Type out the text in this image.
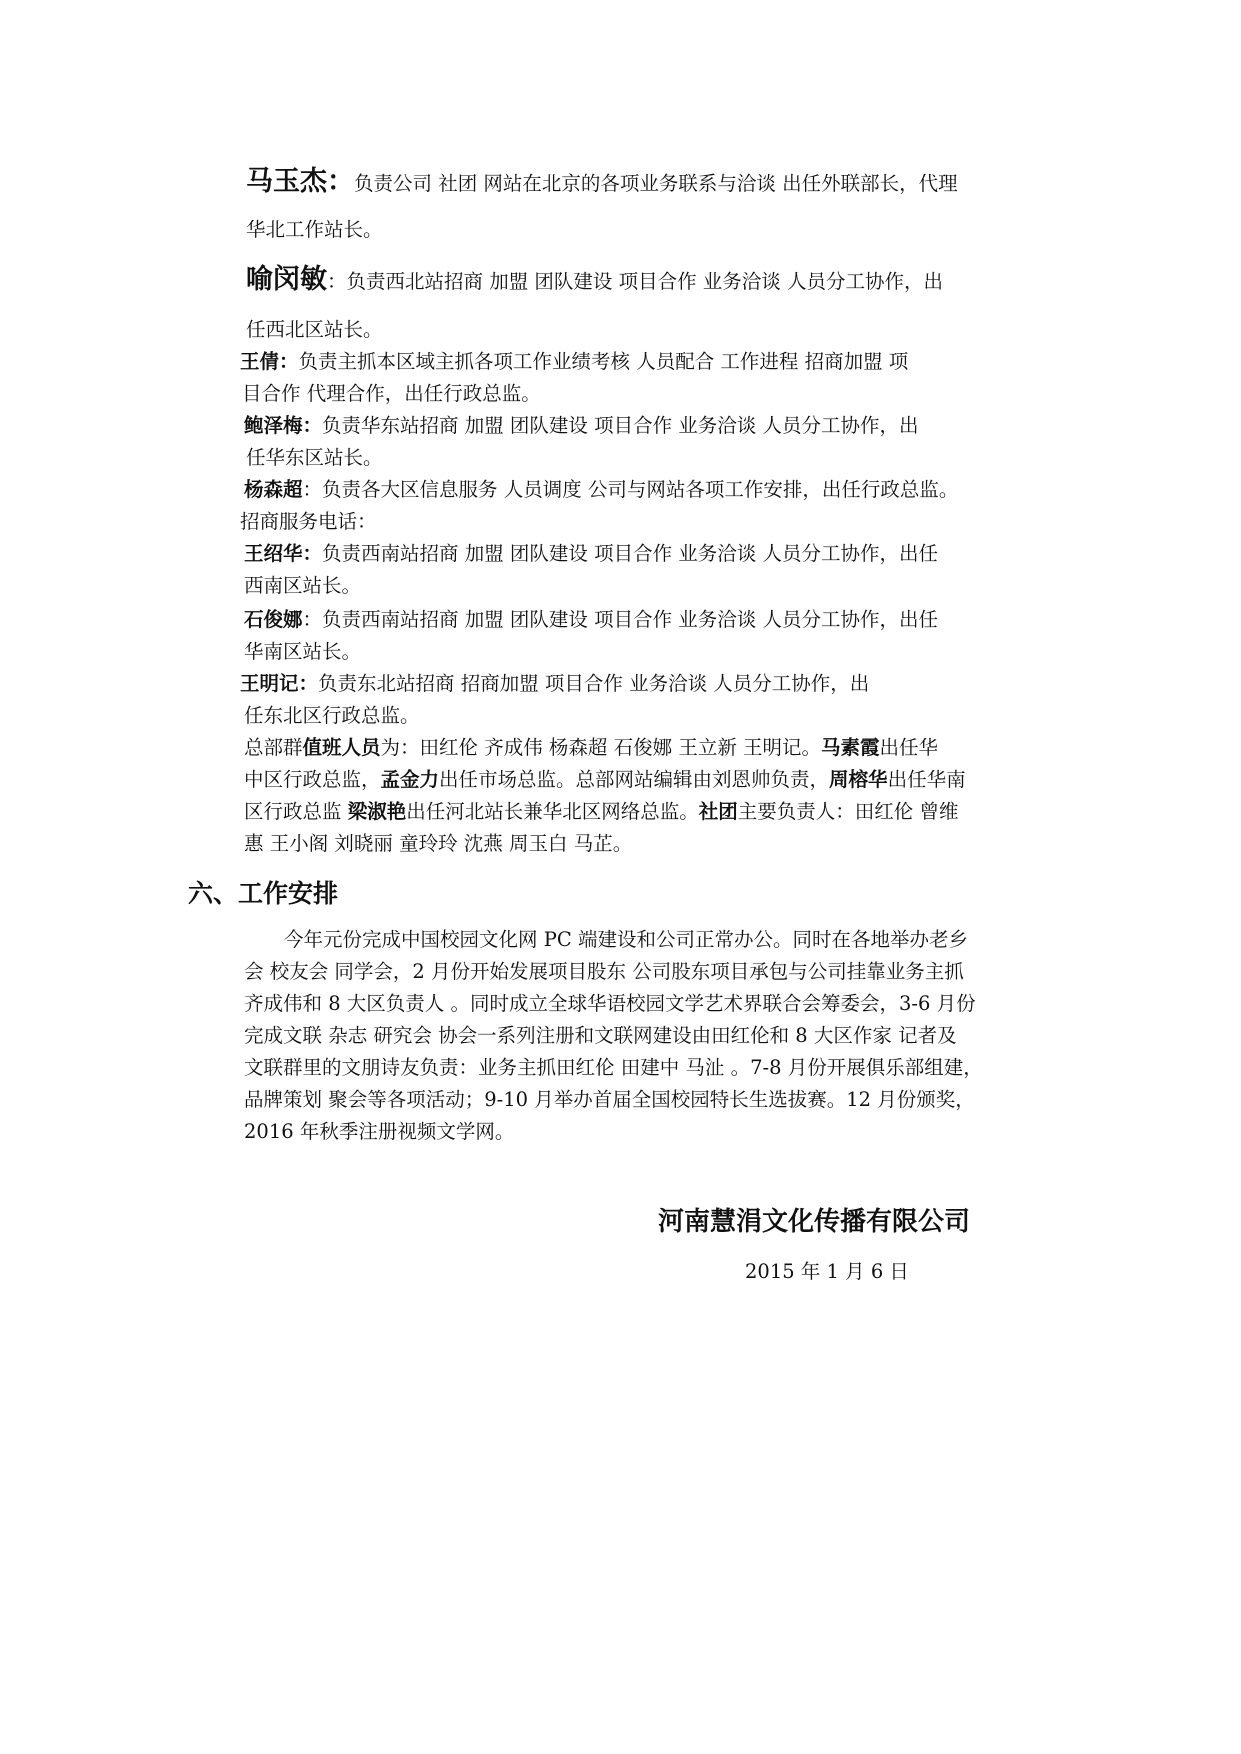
马玉杰：负责公司 社团 网站在北京的各项业务联系与洽谈 出任外联部长，代理
华北工作站长。
喻闵敏：负责西北站招商 加盟 团队建设 项目合作 业务洽谈 人员分工协作，出
任西北区站长。
王倩：负责主抓本区域主抓各项工作业绩考核 人员配合 工作进程 招商加盟 项
目合作 代理合作，出任行政总监。
鲍泽梅：负责华东站招商 加盟 团队建设 项目合作 业务洽谈 人员分工协作，出
任华东区站长。
杨森超：负责各大区信息服务 人员调度 公司与网站各项工作安排，出任行政总监。
招商服务电话：
王绍华：负责西南站招商 加盟 团队建设 项目合作 业务洽谈 人员分工协作，出任
西南区站长。
石俊娜：负责西南站招商 加盟 团队建设 项目合作 业务洽谈 人员分工协作，出任
华南区站长。
王明记：负责东北站招商 招商加盟 项目合作 业务洽谈 人员分工协作，出
任东北区行政总监。
总部群值班人员为：田红伦 齐成伟 杨森超 石俊娜 王立新 王明记。马素霞出任华
中区行政总监，孟金力出任市场总监。总部网站编辑由刘恩帅负责，周榕华出任华南
区行政总监 梁淑艳出任河北站长兼华北区网络总监。社团主要负责人：田红伦 曾维
惠 王小阁 刘晓丽 童玲玲 沈燕 周玉白 马芷。
六、工作安排
今年元份完成中国校园文化网 PC 端建设和公司正常办公。同时在各地举办老乡
会 校友会 同学会，2 月份开始发展项目股东 公司股东项目承包与公司挂靠业务主抓
齐成伟和 8 大区负责人 。同时成立全球华语校园文学艺术界联合会筹委会，3-6 月份
完成文联 杂志 研究会 协会一系列注册和文联网建设由田红伦和 8 大区作家 记者及
文联群里的文朋诗友负责：业务主抓田红伦 田建中 马沚 。7-8 月份开展俱乐部组建，
品牌策划 聚会等各项活动；9-10 月举办首届全国校园特长生选拔赛。12 月份颁奖，
2016 年秋季注册视频文学网。
河南慧涓文化传播有限公司
2015 年 1 月 6 日
